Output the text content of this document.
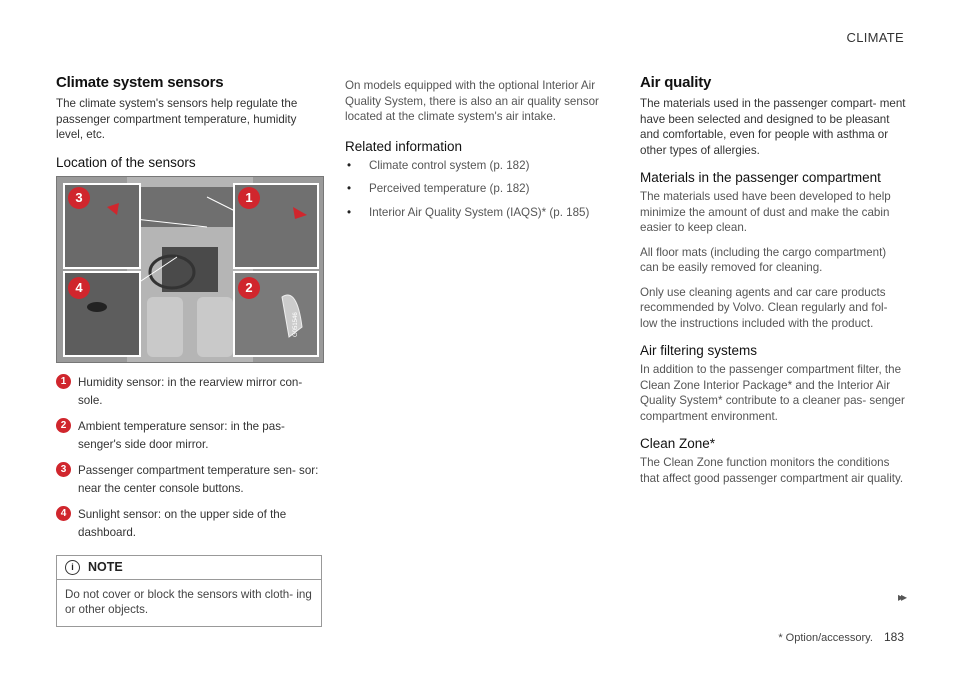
CLIMATE
Climate system sensors

The climate system's sensors help regulate the passenger compartment temperature, humidity level, etc.

Location of the sensors
3	1
4	2
G051546
1	Humidity sensor: in the rearview mirror con- sole.
2	Ambient temperature sensor: in the pas- senger's side door mirror.
3	Passenger compartment temperature sen- sor: near the center console buttons.
4	Sunlight sensor: on the upper side of the dashboard.
i	NOTE
Do not cover or block the sensors with cloth- ing or other objects.

On models equipped with the optional Interior Air Quality System, there is also an air quality sensor located at the climate system's air intake.

Related information
• Climate control system (p. 182)
• Perceived temperature (p. 182)
• Interior Air Quality System (IAQS)* (p. 185)
Air quality

The materials used in the passenger compart- ment have been selected and designed to be pleasant and comfortable, even for people with asthma or other types of allergies.

Materials in the passenger compartment

The materials used have been developed to help minimize the amount of dust and make the cabin easier to keep clean.

All floor mats (including the cargo compartment) can be easily removed for cleaning.

Only use cleaning agents and car care products recommended by Volvo. Clean regularly and fol- low the instructions included with the product.

Air filtering systems

In addition to the passenger compartment filter, the Clean Zone Interior Package* and the Interior Air Quality System* contribute to a cleaner pas- senger compartment environment.

Clean Zone*

The Clean Zone function monitors the conditions that affect good passenger compartment air quality.

▸▸
* Option/accessory. 183
